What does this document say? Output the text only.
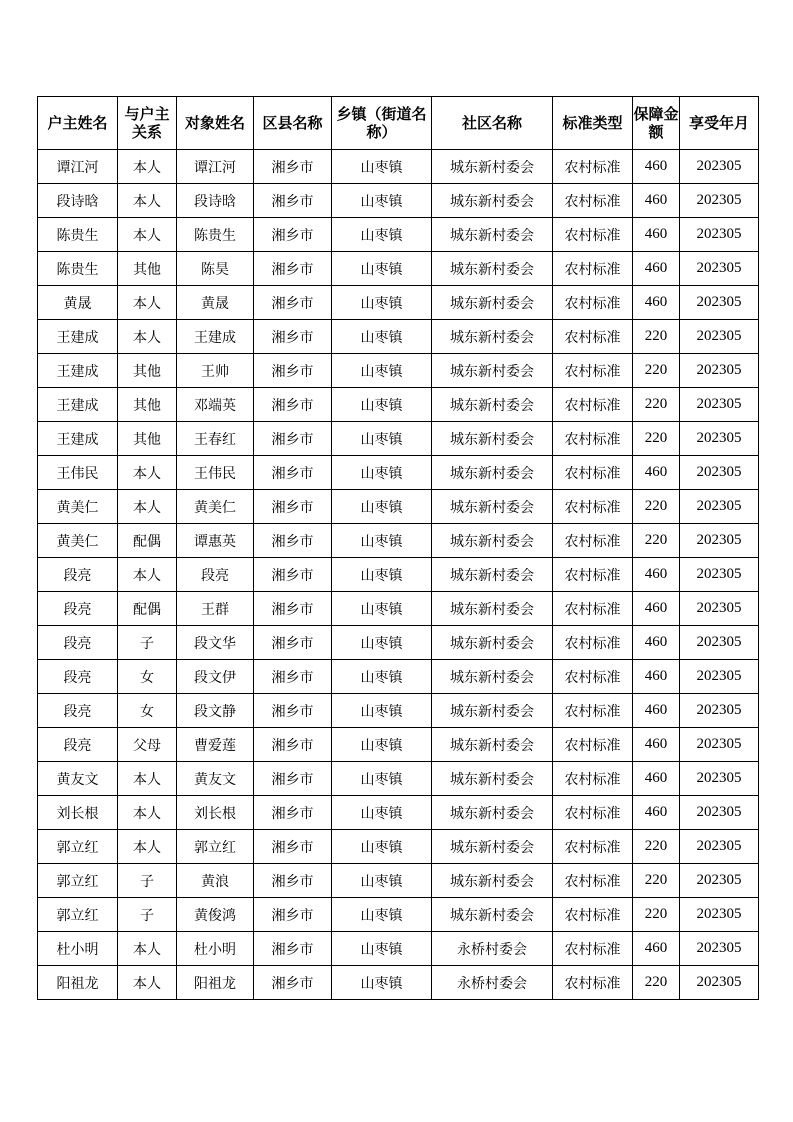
户主姓名	与户主关系	对象姓名	区县名称	乡镇（街道名称）	社区名称	标准类型	保障金额	享受年月
谭江河	本人	谭江河	湘乡市	山枣镇	城东新村委会	农村标准	460	202305
段诗晗	本人	段诗晗	湘乡市	山枣镇	城东新村委会	农村标准	460	202305
陈贵生	本人	陈贵生	湘乡市	山枣镇	城东新村委会	农村标准	460	202305
陈贵生	其他	陈昊	湘乡市	山枣镇	城东新村委会	农村标准	460	202305
黄晟	本人	黄晟	湘乡市	山枣镇	城东新村委会	农村标准	460	202305
王建成	本人	王建成	湘乡市	山枣镇	城东新村委会	农村标准	220	202305
王建成	其他	王帅	湘乡市	山枣镇	城东新村委会	农村标准	220	202305
王建成	其他	邓端英	湘乡市	山枣镇	城东新村委会	农村标准	220	202305
王建成	其他	王春红	湘乡市	山枣镇	城东新村委会	农村标准	220	202305
王伟民	本人	王伟民	湘乡市	山枣镇	城东新村委会	农村标准	460	202305
黄美仁	本人	黄美仁	湘乡市	山枣镇	城东新村委会	农村标准	220	202305
黄美仁	配偶	谭惠英	湘乡市	山枣镇	城东新村委会	农村标准	220	202305
段亮	本人	段亮	湘乡市	山枣镇	城东新村委会	农村标准	460	202305
段亮	配偶	王群	湘乡市	山枣镇	城东新村委会	农村标准	460	202305
段亮	子	段文华	湘乡市	山枣镇	城东新村委会	农村标准	460	202305
段亮	女	段文伊	湘乡市	山枣镇	城东新村委会	农村标准	460	202305
段亮	女	段文静	湘乡市	山枣镇	城东新村委会	农村标准	460	202305
段亮	父母	曹爱莲	湘乡市	山枣镇	城东新村委会	农村标准	460	202305
黄友文	本人	黄友文	湘乡市	山枣镇	城东新村委会	农村标准	460	202305
刘长根	本人	刘长根	湘乡市	山枣镇	城东新村委会	农村标准	460	202305
郭立红	本人	郭立红	湘乡市	山枣镇	城东新村委会	农村标准	220	202305
郭立红	子	黄浪	湘乡市	山枣镇	城东新村委会	农村标准	220	202305
郭立红	子	黄俊鸿	湘乡市	山枣镇	城东新村委会	农村标准	220	202305
杜小明	本人	杜小明	湘乡市	山枣镇	永桥村委会	农村标准	460	202305
阳祖龙	本人	阳祖龙	湘乡市	山枣镇	永桥村委会	农村标准	220	202305
